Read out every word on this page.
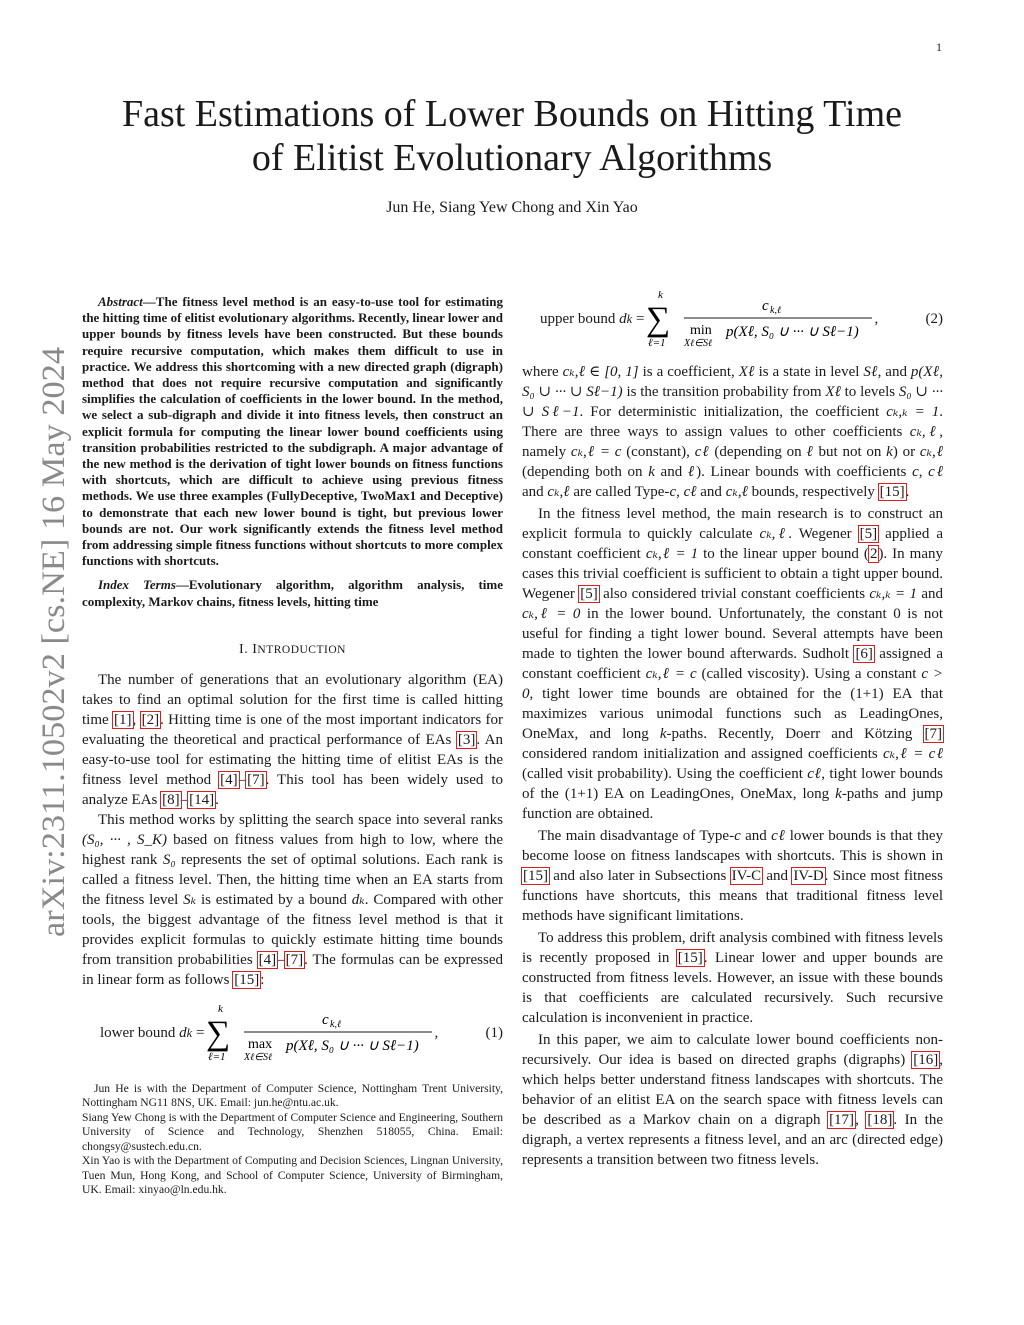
1
arXiv:2311.10502v2 [cs.NE] 16 May 2024
Fast Estimations of Lower Bounds on Hitting Time
of Elitist Evolutionary Algorithms
Jun He, Siang Yew Chong and Xin Yao

Abstract—The fitness level method is an easy-to-use tool for estimating the hitting time of elitist evolutionary algorithms. Recently, linear lower and upper bounds by fitness levels have been constructed. But these bounds require recursive computation, which makes them difficult to use in practice. We address this shortcoming with a new directed graph (digraph) method that does not require recursive computation and significantly simplifies the calculation of coefficients in the lower bound. In the method, we select a sub-digraph and divide it into fitness levels, then construct an explicit formula for computing the linear lower bound coefficients using transition probabilities restricted to the subdigraph. A major advantage of the new method is the derivation of tight lower bounds on fitness functions with shortcuts, which are difficult to achieve using previous fitness methods. We use three examples (FullyDeceptive, TwoMax1 and Deceptive) to demonstrate that each new lower bound is tight, but previous lower bounds are not. Our work significantly extends the fitness level method from addressing simple fitness functions without shortcuts to more complex functions with shortcuts.

Index Terms—Evolutionary algorithm, algorithm analysis, time complexity, Markov chains, fitness levels, hitting time

I. INTRODUCTION

The number of generations that an evolutionary algorithm (EA) takes to find an optimal solution for the first time is called hitting time [1], [2]. Hitting time is one of the most important indicators for evaluating the theoretical and practical performance of EAs [3]. An easy-to-use tool for estimating the hitting time of elitist EAs is the fitness level method [4]–[7]. This tool has been widely used to analyze EAs [8]–[14].

This method works by splitting the search space into several ranks (S₀, ··· , S_K) based on fitness values from high to low, where the highest rank S₀ represents the set of optimal solutions. Each rank is called a fitness level. Then, the hitting time when an EA starts from the fitness level Sₖ is estimated by a bound dₖ. Compared with other tools, the biggest advantage of the fitness level method is that it provides explicit formulas to quickly estimate hitting time bounds from transition probabilities [4]–[7]. The formulas can be expressed in linear form as follows [15]:

lower bound
d k =
k
∑
ℓ=1
c k,ℓ
max
Xℓ∈Sℓ
p(Xℓ, S₀ ∪ ··· ∪ Sℓ−1)
,	(1)

Jun He is with the Department of Computer Science, Nottingham Trent University, Nottingham NG11 8NS, UK. Email: jun.he@ntu.ac.uk.

Siang Yew Chong is with the Department of Computer Science and Engineering, Southern University of Science and Technology, Shenzhen 518055, China. Email: chongsy@sustech.edu.cn.

Xin Yao is with the Department of Computing and Decision Sciences, Lingnan University, Tuen Mun, Hong Kong, and School of Computer Science, University of Birmingham, UK. Email: xinyao@ln.edu.hk.

upper bound
d k =
k
∑
ℓ=1
c k,ℓ
min
Xℓ∈Sℓ
p(Xℓ, S₀ ∪ ··· ∪ Sℓ−1)
,	(2)

where cₖ,ℓ ∈ [0, 1] is a coefficient, Xℓ is a state in level Sℓ, and p(Xℓ, S₀ ∪ ··· ∪ Sℓ−1) is the transition probability from Xℓ to levels S₀ ∪ ··· ∪ Sℓ−1. For deterministic initialization, the coefficient cₖ,ₖ = 1. There are three ways to assign values to other coefficients cₖ,ℓ, namely cₖ,ℓ = c (constant), cℓ (depending on ℓ but not on k) or cₖ,ℓ (depending both on k and ℓ). Linear bounds with coefficients c, cℓ and cₖ,ℓ are called Type-c, cℓ and cₖ,ℓ bounds, respectively [15].

In the fitness level method, the main research is to construct an explicit formula to quickly calculate cₖ,ℓ. Wegener [5] applied a constant coefficient cₖ,ℓ = 1 to the linear upper bound (2). In many cases this trivial coefficient is sufficient to obtain a tight upper bound. Wegener [5] also considered trivial constant coefficients cₖ,ₖ = 1 and cₖ,ℓ = 0 in the lower bound. Unfortunately, the constant 0 is not useful for finding a tight lower bound. Several attempts have been made to tighten the lower bound afterwards. Sudholt [6] assigned a constant coefficient cₖ,ℓ = c (called viscosity). Using a constant c > 0, tight lower time bounds are obtained for the (1+1) EA that maximizes various unimodal functions such as LeadingOnes, OneMax, and long k-paths. Recently, Doerr and Kötzing [7] considered random initialization and assigned coefficients cₖ,ℓ = cℓ (called visit probability). Using the coefficient cℓ, tight lower bounds of the (1+1) EA on LeadingOnes, OneMax, long k-paths and jump function are obtained.

The main disadvantage of Type-c and cℓ lower bounds is that they become loose on fitness landscapes with shortcuts. This is shown in [15] and also later in Subsections IV-C and IV-D. Since most fitness functions have shortcuts, this means that traditional fitness level methods have significant limitations.

To address this problem, drift analysis combined with fitness levels is recently proposed in [15]. Linear lower and upper bounds are constructed from fitness levels. However, an issue with these bounds is that coefficients are calculated recursively. Such recursive calculation is inconvenient in practice.

In this paper, we aim to calculate lower bound coefficients non-recursively. Our idea is based on directed graphs (digraphs) [16], which helps better understand fitness landscapes with shortcuts. The behavior of an elitist EA on the search space with fitness levels can be described as a Markov chain on a digraph [17], [18]. In the digraph, a vertex represents a fitness level, and an arc (directed edge) represents a transition between two fitness levels.
